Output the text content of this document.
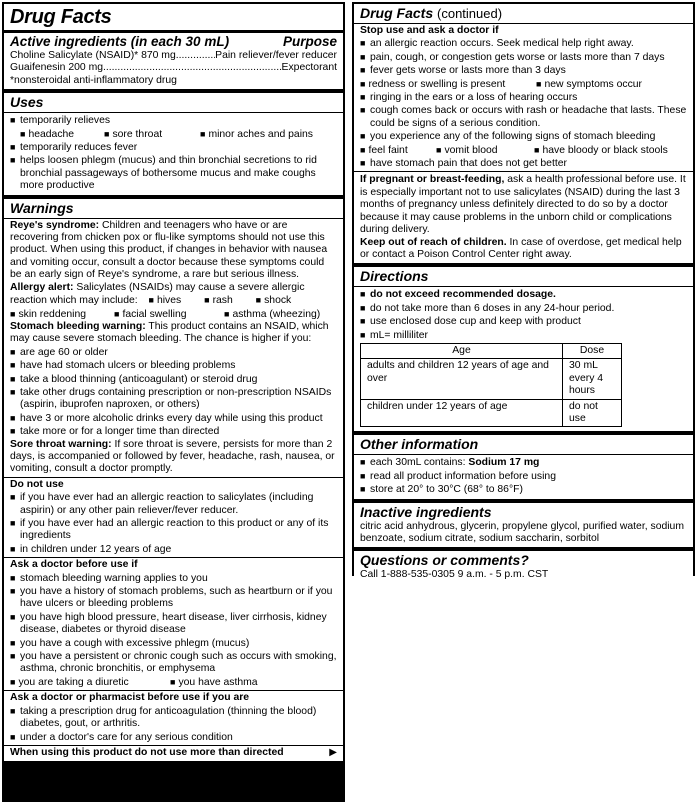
Drug Facts
Active ingredients (in each 30 mL)	Purpose
Choline Salicylate (NSAID)* 870 mg .....	Pain reliever/fever reducer
Guaifenesin 200 mg .....	Expectorant
*nonsteroidal anti-inflammatory drug
Uses
■ temporarily relieves
■ headache	■ sore throat	■ minor aches and pains
■ temporarily reduces fever
■ helps loosen phlegm (mucus) and thin bronchial secretions to rid bronchial passageways of bothersome mucus and make coughs more productive
Warnings
Reye's syndrome: Children and teenagers who have or are recovering from chicken pox or flu-like symptoms should not use this product. When using this product, if changes in behavior with nausea and vomiting occur, consult a doctor because these symptoms could be an early sign of Reye's syndrome, a rare but serious illness.
Allergy alert: Salicylates (NSAIDs) may cause a severe allergic reaction which may include: ■ hives	■ rash	■ shock
■ skin reddening	■ facial swelling	■ asthma (wheezing)
Stomach bleeding warning: This product contains an NSAID, which may cause severe stomach bleeding. The chance is higher if you:
■ are age 60 or older
■ have had stomach ulcers or bleeding problems
■ take a blood thinning (anticoagulant) or steroid drug
■ take other drugs containing prescription or non-prescription NSAIDs (aspirin, ibuprofen naproxen, or others)
■ have 3 or more alcoholic drinks every day while using this product
■ take more or for a longer time than directed
Sore throat warning: If sore throat is severe, persists for more than 2 days, is accompanied or followed by fever, headache, rash, nausea, or vomiting, consult a doctor promptly.
Do not use
■ if you have ever had an allergic reaction to salicylates (including aspirin) or any other pain reliever/fever reducer.
■ if you have ever had an allergic reaction to this product or any of its ingredients
■ in children under 12 years of age
Ask a doctor before use if
■ stomach bleeding warning applies to you
■ you have a history of stomach problems, such as heartburn or if you have ulcers or bleeding problems
■ you have high blood pressure, heart disease, liver cirrhosis, kidney disease, diabetes or thyroid disease
■ you have a cough with excessive phlegm (mucus)
■ you have a persistent or chronic cough such as occurs with smoking, asthma, chronic bronchitis, or emphysema
■ you are taking a diuretic	■ you have asthma
Ask a doctor or pharmacist before use if you are
■ taking a prescription drug for anticoagulation (thinning the blood) diabetes, gout, or arthritis.
■ under a doctor's care for any serious condition
When using this product do not use more than directed
▶
Drug Facts (continued)
Stop use and ask a doctor if
■ an allergic reaction occurs. Seek medical help right away.
■ pain, cough, or congestion gets worse or lasts more than 7 days
■ fever gets worse or lasts more than 3 days
■ redness or swelling is present	■ new symptoms occur
■ ringing in the ears or a loss of hearing occurs
■ cough comes back or occurs with rash or headache that lasts. These could be signs of a serious condition.
■ you experience any of the following signs of stomach bleeding
■ feel faint	■ vomit blood	■ have bloody or black stools
■ have stomach pain that does not get better
If pregnant or breast-feeding, ask a health professional before use. It is especially important not to use salicylates (NSAID) during the last 3 months of pregnancy unless definitely directed to do so by a doctor because it may cause problems in the unborn child or complications during delivery.
Keep out of reach of children. In case of overdose, get medical help or contact a Poison Control Center right away.
Directions
■ do not exceed recommended dosage.
■ do not take more than 6 doses in any 24-hour period.
■ use enclosed dose cup and keep with product
■ mL= milliliter
Age	Dose
adults and children 12 years of age and over	30 mL every 4 hours
children under 12 years of age	do not use
Other information
■ each 30mL contains: Sodium 17 mg
■ read all product information before using
■ store at 20° to 30°C (68° to 86°F)
Inactive ingredients
citric acid anhydrous, glycerin, propylene glycol, purified water, sodium benzoate, sodium citrate, sodium saccharin, sorbitol
Questions or comments?
Call 1-888-535-0305 9 a.m. - 5 p.m. CST
